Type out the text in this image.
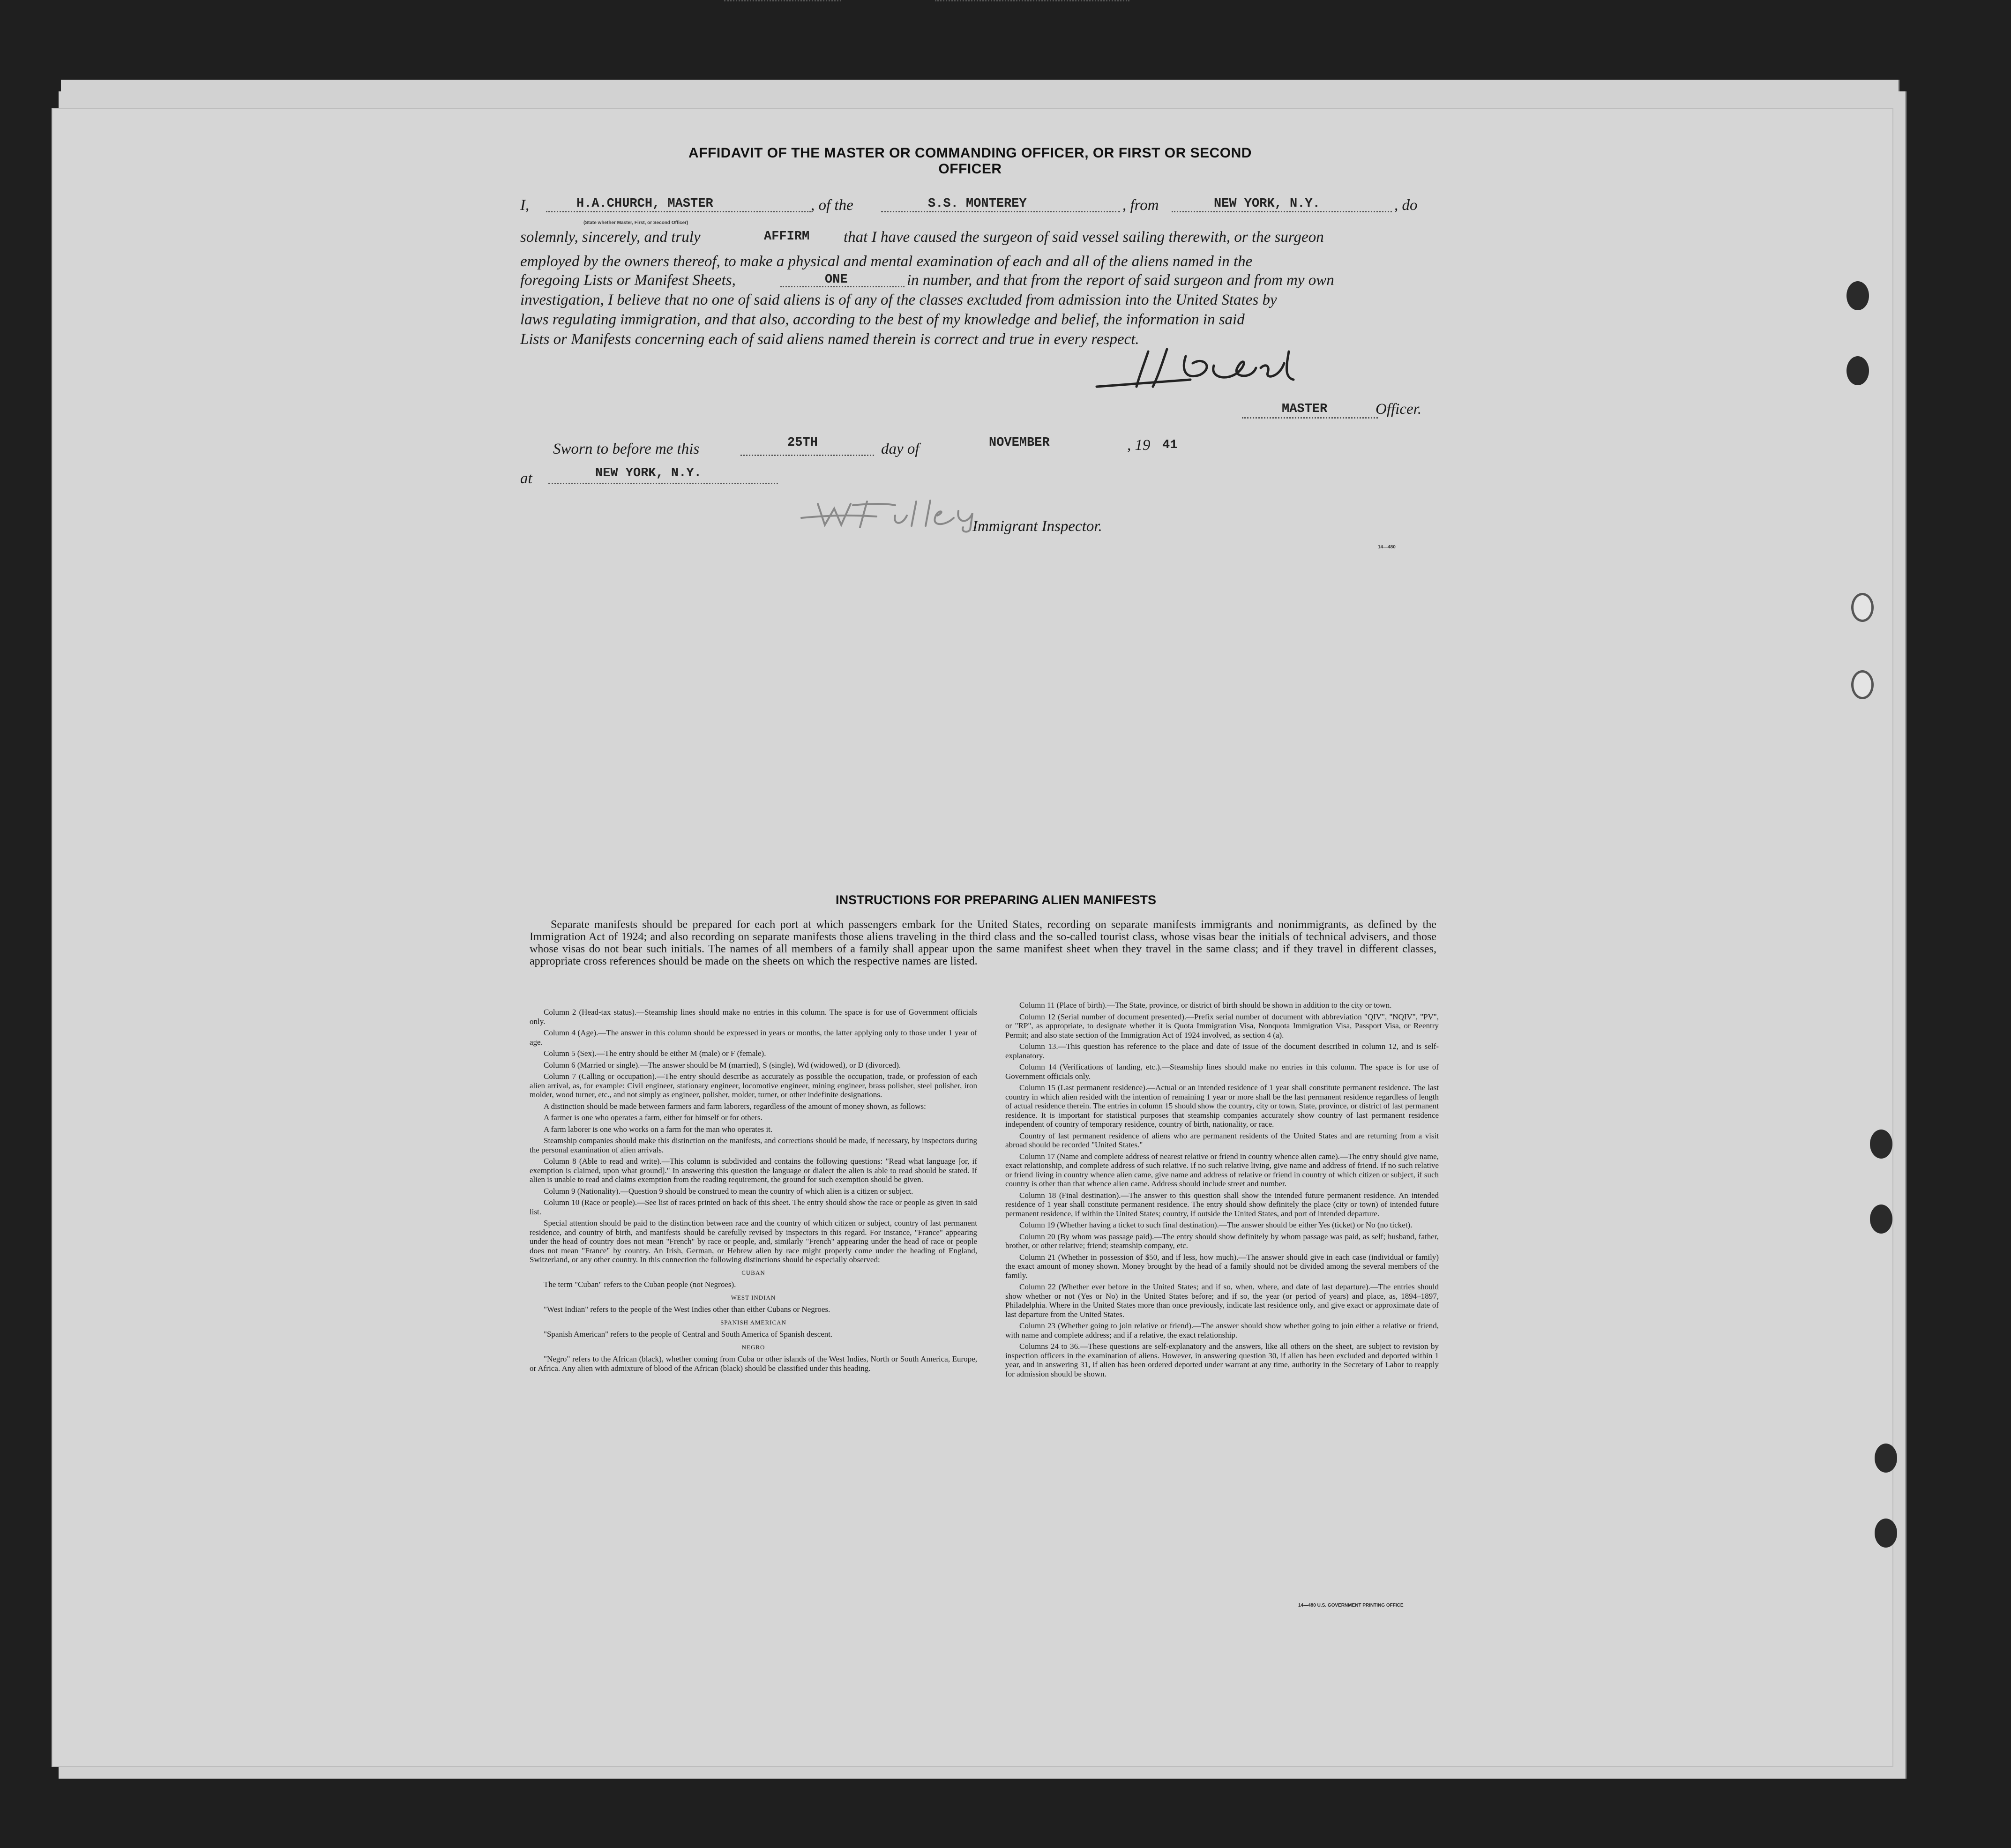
AFFIDAVIT OF THE MASTER OR COMMANDING OFFICER, OR FIRST OR SECOND OFFICER
I,	H.A.CHURCH, MASTER
(State whether Master, First, or Second Officer)
, of the	S.S. MONTEREY	, from	NEW YORK, N.Y.	, do
solemnly, sincerely, and truly	AFFIRM that I have caused the surgeon of said vessel sailing therewith, or the surgeon
employed by the owners thereof, to make a physical and mental examination of each and all of the aliens named in the
foregoing Lists or Manifest Sheets,	ONE	in number, and that from the report of said surgeon and from my own
investigation, I believe that no one of said aliens is of any of the classes excluded from admission into the United States by
laws regulating immigration, and that also, according to the best of my knowledge and belief, the information in said
Lists or Manifests concerning each of said aliens named therein is correct and true in every respect.
MASTER	Officer.
Sworn to before me this	25TH	day of	NOVEMBER	, 19 41
at	NEW YORK, N.Y.
Immigrant Inspector.
14—480
INSTRUCTIONS FOR PREPARING ALIEN MANIFESTS
Separate manifests should be prepared for each port at which passengers embark for the United States, recording on separate manifests immigrants and nonimmigrants, as defined by the Immigration Act of 1924; and also recording on separate manifests those aliens traveling in the third class and the so-called tourist class, whose visas bear the initials of technical advisers, and those whose visas do not bear such initials. The names of all members of a family shall appear upon the same manifest sheet when they travel in the same class; and if they travel in different classes, appropriate cross references should be made on the sheets on which the respective names are listed.

Column 2 (Head-tax status).—Steamship lines should make no entries in this column. The space is for use of Government officials only.

Column 4 (Age).—The answer in this column should be expressed in years or months, the latter applying only to those under 1 year of age.

Column 5 (Sex).—The entry should be either M (male) or F (female).

Column 6 (Married or single).—The answer should be M (married), S (single), Wd (widowed), or D (divorced).

Column 7 (Calling or occupation).—The entry should describe as accurately as possible the occupation, trade, or profession of each alien arrival, as, for example: Civil engineer, stationary engineer, locomotive engineer, mining engineer, brass polisher, steel polisher, iron molder, wood turner, etc., and not simply as engineer, polisher, molder, turner, or other indefinite designations.

A distinction should be made between farmers and farm laborers, regardless of the amount of money shown, as follows:

A farmer is one who operates a farm, either for himself or for others.

A farm laborer is one who works on a farm for the man who operates it.

Steamship companies should make this distinction on the manifests, and corrections should be made, if necessary, by inspectors during the personal examination of alien arrivals.

Column 8 (Able to read and write).—This column is subdivided and contains the following questions: "Read what language [or, if exemption is claimed, upon what ground]." In answering this question the language or dialect the alien is able to read should be stated. If alien is unable to read and claims exemption from the reading requirement, the ground for such exemption should be given.

Column 9 (Nationality).—Question 9 should be construed to mean the country of which alien is a citizen or subject.

Column 10 (Race or people).—See list of races printed on back of this sheet. The entry should show the race or people as given in said list.

Special attention should be paid to the distinction between race and the country of which citizen or subject, country of last permanent residence, and country of birth, and manifests should be carefully revised by inspectors in this regard. For instance, "France" appearing under the head of country does not mean "French" by race or people, and, similarly "French" appearing under the head of race or people does not mean "France" by country. An Irish, German, or Hebrew alien by race might properly come under the heading of England, Switzerland, or any other country. In this connection the following distinctions should be especially observed:

CUBAN

The term "Cuban" refers to the Cuban people (not Negroes).

WEST INDIAN

"West Indian" refers to the people of the West Indies other than either Cubans or Negroes.

SPANISH AMERICAN

"Spanish American" refers to the people of Central and South America of Spanish descent.

NEGRO

"Negro" refers to the African (black), whether coming from Cuba or other islands of the West Indies, North or South America, Europe, or Africa. Any alien with admixture of blood of the African (black) should be classified under this heading.

Column 11 (Place of birth).—The State, province, or district of birth should be shown in addition to the city or town.

Column 12 (Serial number of document presented).—Prefix serial number of document with abbreviation "QIV", "NQIV", "PV", or "RP", as appropriate, to designate whether it is Quota Immigration Visa, Nonquota Immigration Visa, Passport Visa, or Reentry Permit; and also state section of the Immigration Act of 1924 involved, as section 4 (a).

Column 13.—This question has reference to the place and date of issue of the document described in column 12, and is self-explanatory.

Column 14 (Verifications of landing, etc.).—Steamship lines should make no entries in this column. The space is for use of Government officials only.

Column 15 (Last permanent residence).—Actual or an intended residence of 1 year shall constitute permanent residence. The last country in which alien resided with the intention of remaining 1 year or more shall be the last permanent residence regardless of length of actual residence therein. The entries in column 15 should show the country, city or town, State, province, or district of last permanent residence. It is important for statistical purposes that steamship companies accurately show country of last permanent residence independent of country of temporary residence, country of birth, nationality, or race.

Country of last permanent residence of aliens who are permanent residents of the United States and are returning from a visit abroad should be recorded "United States."

Column 17 (Name and complete address of nearest relative or friend in country whence alien came).—The entry should give name, exact relationship, and complete address of such relative. If no such relative living, give name and address of friend. If no such relative or friend living in country whence alien came, give name and address of relative or friend in country of which citizen or subject, if such country is other than that whence alien came. Address should include street and number.

Column 18 (Final destination).—The answer to this question shall show the intended future permanent residence. An intended residence of 1 year shall constitute permanent residence. The entry should show definitely the place (city or town) of intended future permanent residence, if within the United States; country, if outside the United States, and port of intended departure.

Column 19 (Whether having a ticket to such final destination).—The answer should be either Yes (ticket) or No (no ticket).

Column 20 (By whom was passage paid).—The entry should show definitely by whom passage was paid, as self; husband, father, brother, or other relative; friend; steamship company, etc.

Column 21 (Whether in possession of $50, and if less, how much).—The answer should give in each case (individual or family) the exact amount of money shown. Money brought by the head of a family should not be divided among the several members of the family.

Column 22 (Whether ever before in the United States; and if so, when, where, and date of last departure).—The entries should show whether or not (Yes or No) in the United States before; and if so, the year (or period of years) and place, as, 1894–1897, Philadelphia. Where in the United States more than once previously, indicate last residence only, and give exact or approximate date of last departure from the United States.

Column 23 (Whether going to join relative or friend).—The answer should show whether going to join either a relative or friend, with name and complete address; and if a relative, the exact relationship.

Columns 24 to 36.—These questions are self-explanatory and the answers, like all others on the sheet, are subject to revision by inspection officers in the examination of aliens. However, in answering question 30, if alien has been excluded and deported within 1 year, and in answering 31, if alien has been ordered deported under warrant at any time, authority in the Secretary of Labor to reapply for admission should be shown.

14—480 U.S. GOVERNMENT PRINTING OFFICE
